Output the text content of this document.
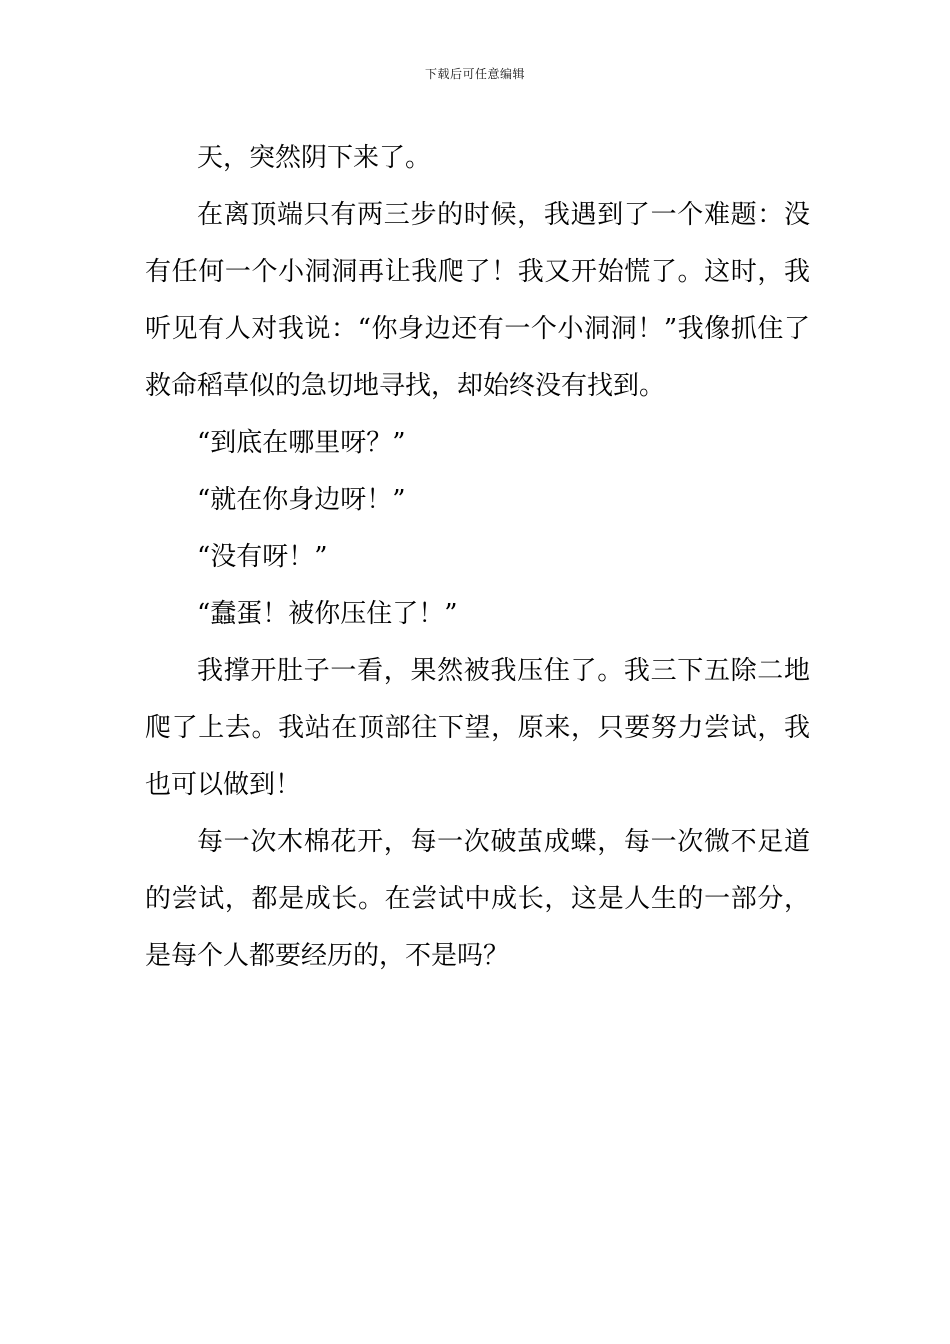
下载后可任意编辑

天，突然阴下来了。

在离顶端只有两三步的时候，我遇到了一个难题：没有任何一个小洞洞再让我爬了！我又开始慌了。这时，我听见有人对我说：“你身边还有一个小洞洞！”我像抓住了救命稻草似的急切地寻找，却始终没有找到。

“到底在哪里呀？”

“就在你身边呀！”

“没有呀！”

“蠢蛋！被你压住了！”

我撑开肚子一看，果然被我压住了。我三下五除二地爬了上去。我站在顶部往下望，原来，只要努力尝试，我也可以做到！

每一次木棉花开，每一次破茧成蝶，每一次微不足道的尝试，都是成长。在尝试中成长，这是人生的一部分，是每个人都要经历的，不是吗？
